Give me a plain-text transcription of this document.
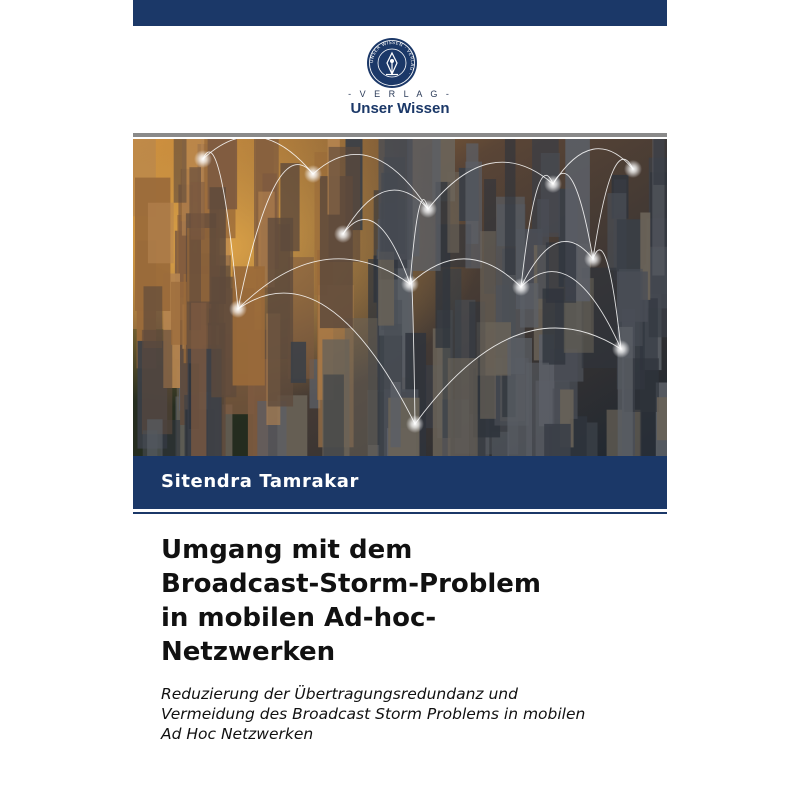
UNSER WISSEN · VERLAG ·
- V E R L A G -
Unser Wissen
Sitendra Tamrakar
Umgang mit dem
Broadcast-Storm-Problem
in mobilen Ad-hoc-
Netzwerken
Reduzierung der Übertragungsredundanz und
Vermeidung des Broadcast Storm Problems in mobilen
Ad Hoc Netzwerken
